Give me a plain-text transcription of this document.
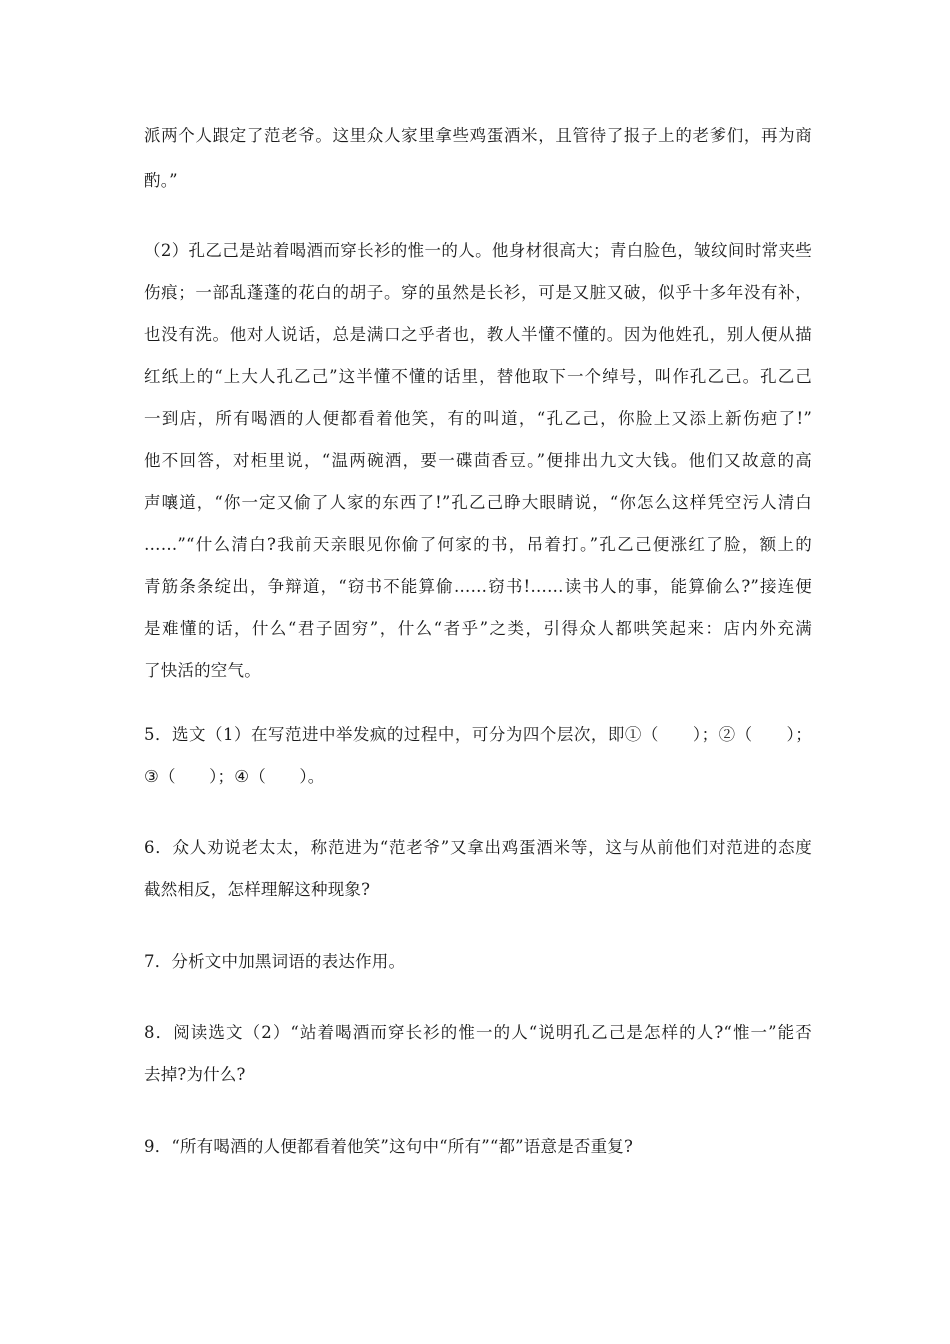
派两个人跟定了范老爷。这里众人家里拿些鸡蛋酒米，且管待了报子上的老爹们，再为商
酌。”
（2）孔乙己是站着喝酒而穿长衫的惟一的人。他身材很高大；青白脸色，皱纹间时常夹些
伤痕；一部乱蓬蓬的花白的胡子。穿的虽然是长衫，可是又脏又破，似乎十多年没有补，
也没有洗。他对人说话，总是满口之乎者也，教人半懂不懂的。因为他姓孔，别人便从描
红纸上的“上大人孔乙己”这半懂不懂的话里，替他取下一个绰号，叫作孔乙己。孔乙己
一到店，所有喝酒的人便都看着他笑，有的叫道，“孔乙己，你脸上又添上新伤疤了!”
他不回答，对柜里说，“温两碗酒，要一碟茴香豆。”便排出九文大钱。他们又故意的高
声嚷道，“你一定又偷了人家的东西了!”孔乙己睁大眼睛说，“你怎么这样凭空污人清白
……”“什么清白?我前天亲眼见你偷了何家的书，吊着打。”孔乙己便涨红了脸，额上的
青筋条条绽出，争辩道，“窃书不能算偷……窃书!……读书人的事，能算偷么?”接连便
是难懂的话，什么“君子固穷”，什么“者乎”之类，引得众人都哄笑起来：店内外充满
了快活的空气。
5．选文（1）在写范进中举发疯的过程中，可分为四个层次，即①（　　）；②（　　）；
③（　　）；④（　　）。
6．众人劝说老太太，称范进为“范老爷”又拿出鸡蛋酒米等，这与从前他们对范进的态度
截然相反，怎样理解这种现象?
7．分析文中加黑词语的表达作用。
8．阅读选文（2）“站着喝酒而穿长衫的惟一的人“说明孔乙己是怎样的人?“惟一”能否
去掉?为什么?
9．“所有喝酒的人便都看着他笑”这句中“所有”“都”语意是否重复?
